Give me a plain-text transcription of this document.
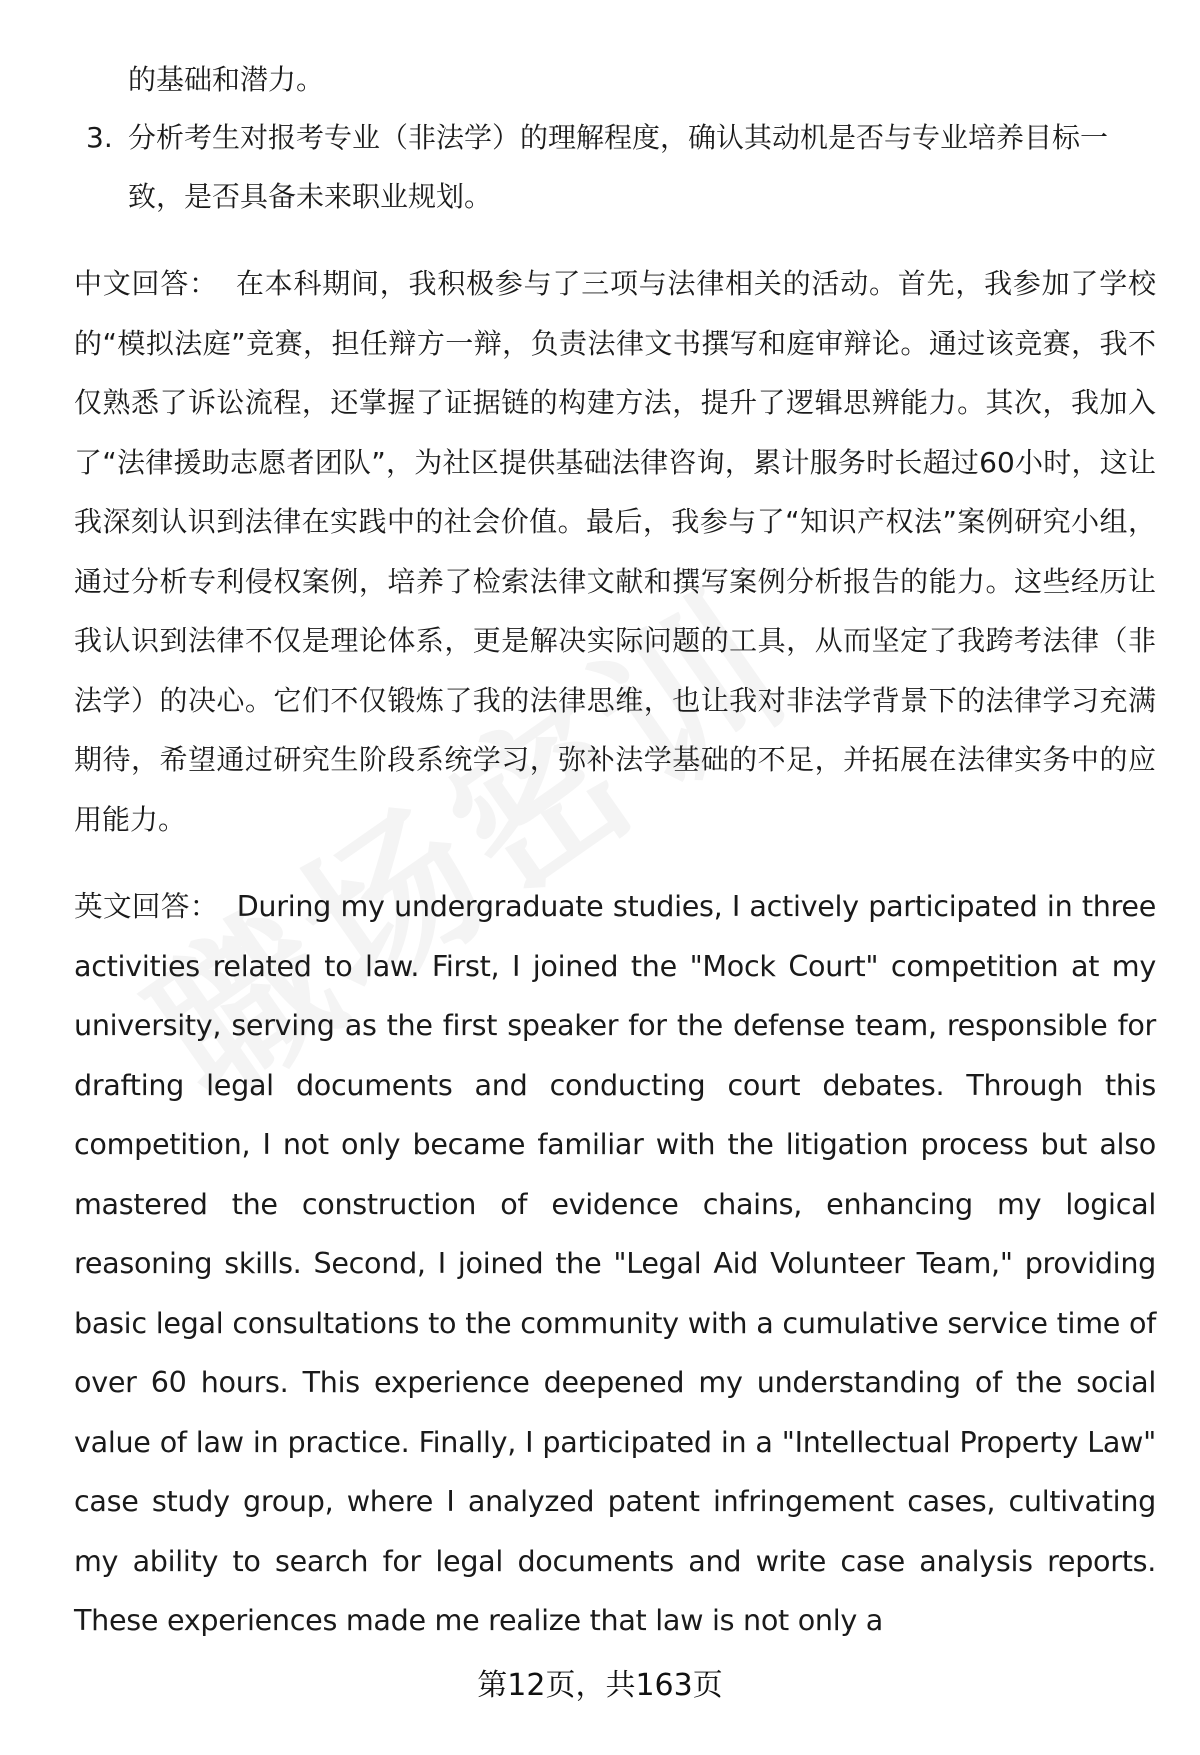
的基础和潜力。

3. 分析考生对报考专业（非法学）的理解程度，确认其动机是否与专业培养目标一致，是否具备未来职业规划。

中文回答： 在本科期间，我积极参与了三项与法律相关的活动。首先，我参加了学校的“模拟法庭”竞赛，担任辩方一辩，负责法律文书撰写和庭审辩论。通过该竞赛，我不仅熟悉了诉讼流程，还掌握了证据链的构建方法，提升了逻辑思辨能力。其次，我加入了“法律援助志愿者团队”，为社区提供基础法律咨询，累计服务时长超过60小时，这让我深刻认识到法律在实践中的社会价值。最后，我参与了“知识产权法”案例研究小组，通过分析专利侵权案例，培养了检索法律文献和撰写案例分析报告的能力。这些经历让我认识到法律不仅是理论体系，更是解决实际问题的工具，从而坚定了我跨考法律（非法学）的决心。它们不仅锻炼了我的法律思维，也让我对非法学背景下的法律学习充满期待，希望通过研究生阶段系统学习，弥补法学基础的不足，并拓展在法律实务中的应用能力。

英文回答： During my undergraduate studies, I actively participated in three activities related to law. First, I joined the "Mock Court" competition at my university, serving as the first speaker for the defense team, responsible for drafting legal documents and conducting court debates. Through this competition, I not only became familiar with the litigation process but also mastered the construction of evidence chains, enhancing my logical reasoning skills. Second, I joined the "Legal Aid Volunteer Team," providing basic legal consultations to the community with a cumulative service time of over 60 hours. This experience deepened my understanding of the social value of law in practice. Finally, I participated in a "Intellectual Property Law" case study group, where I analyzed patent infringement cases, cultivating my ability to search for legal documents and write case analysis reports. These experiences made me realize that law is not only a

第12页，共163页
